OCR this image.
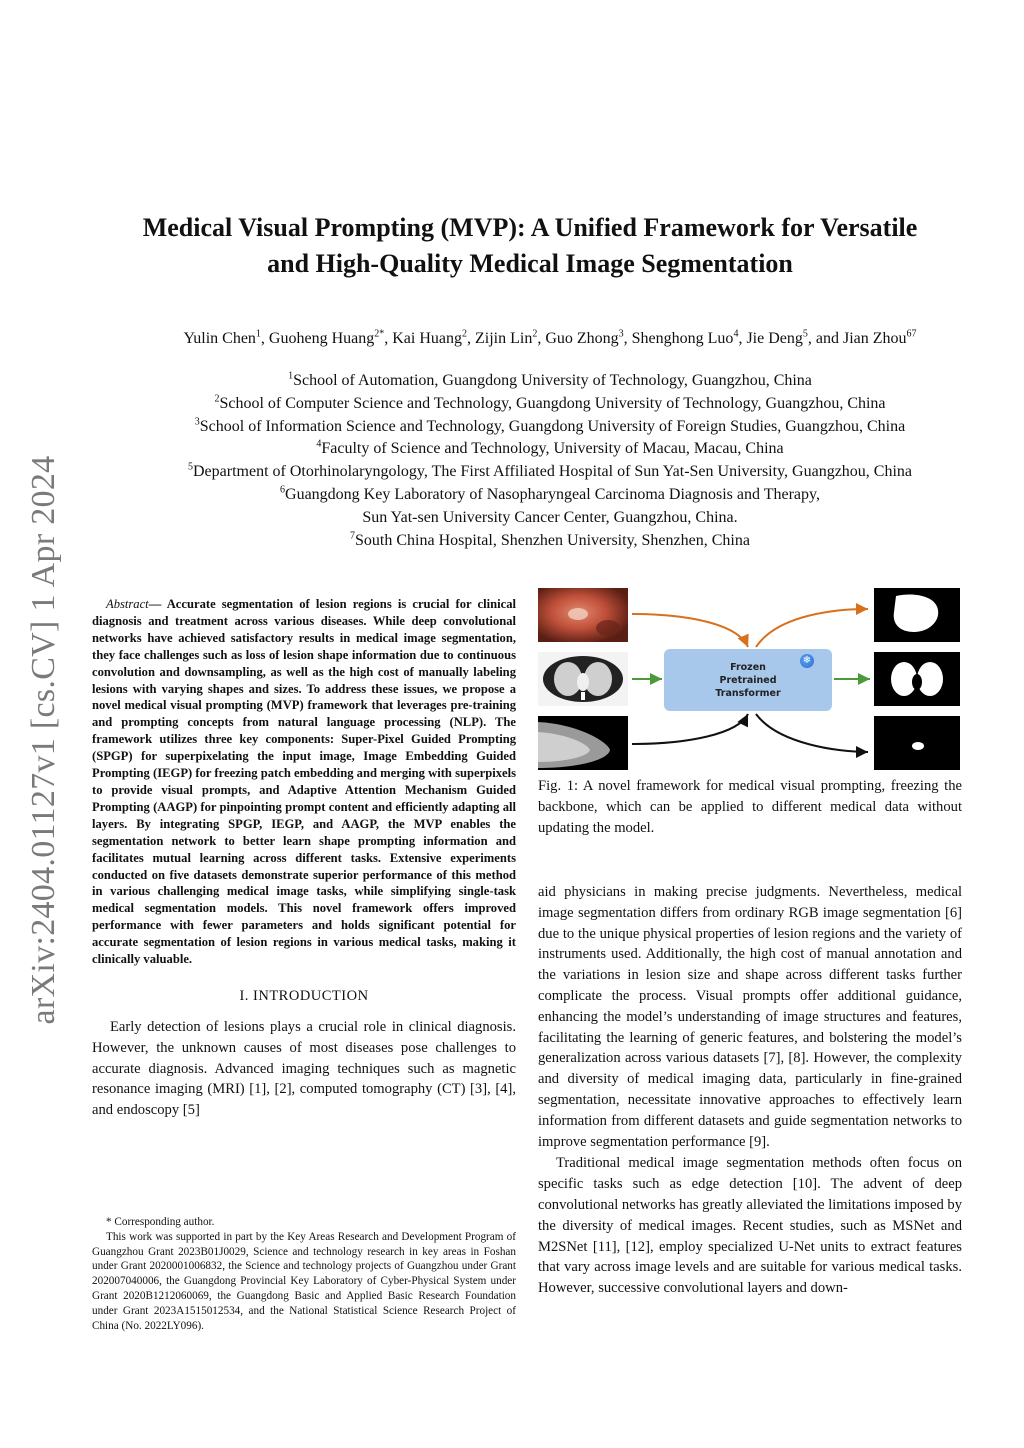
arXiv:2404.01127v1 [cs.CV] 1 Apr 2024
Medical Visual Prompting (MVP): A Unified Framework for Versatile
and High-Quality Medical Image Segmentation
Yulin Chen$^1$, Guoheng Huang$^{2*}$, Kai Huang$^2$, Zijin Lin$^2$, Guo Zhong$^3$, Shenghong Luo$^4$, Jie Deng$^5$, and Jian Zhou$^{67}$
$^1$School of Automation, Guangdong University of Technology, Guangzhou, China
$^2$School of Computer Science and Technology, Guangdong University of Technology, Guangzhou, China
$^3$School of Information Science and Technology, Guangdong University of Foreign Studies, Guangzhou, China
$^4$Faculty of Science and Technology, University of Macau, Macau, China
$^5$Department of Otorhinolaryngology, The First Affiliated Hospital of Sun Yat-Sen University, Guangzhou, China
$^6$Guangdong Key Laboratory of Nasopharyngeal Carcinoma Diagnosis and Therapy,
Sun Yat-sen University Cancer Center, Guangzhou, China.
$^7$South China Hospital, Shenzhen University, Shenzhen, China

Abstract— Accurate segmentation of lesion regions is crucial for clinical diagnosis and treatment across various diseases. While deep convolutional networks have achieved satisfactory results in medical image segmentation, they face challenges such as loss of lesion shape information due to continuous convolution and downsampling, as well as the high cost of manually labeling lesions with varying shapes and sizes. To address these issues, we propose a novel medical visual prompting (MVP) framework that leverages pre-training and prompting concepts from natural language processing (NLP). The framework utilizes three key components: Super-Pixel Guided Prompting (SPGP) for superpixelating the input image, Image Embedding Guided Prompting (IEGP) for freezing patch embedding and merging with superpixels to provide visual prompts, and Adaptive Attention Mechanism Guided Prompting (AAGP) for pinpointing prompt content and efficiently adapting all layers. By integrating SPGP, IEGP, and AAGP, the MVP enables the segmentation network to better learn shape prompting information and facilitates mutual learning across different tasks. Extensive experiments conducted on five datasets demonstrate superior performance of this method in various challenging medical image tasks, while simplifying single-task medical segmentation models. This novel framework offers improved performance with fewer parameters and holds significant potential for accurate segmentation of lesion regions in various medical tasks, making it clinically valuable.

I. INTRODUCTION

Early detection of lesions plays a crucial role in clinical diagnosis. However, the unknown causes of most diseases pose challenges to accurate diagnosis. Advanced imaging techniques such as magnetic resonance imaging (MRI) [1], [2], computed tomography (CT) [3], [4], and endoscopy [5]

* Corresponding author.

This work was supported in part by the Key Areas Research and Development Program of Guangzhou Grant 2023B01J0029, Science and technology research in key areas in Foshan under Grant 2020001006832, the Science and technology projects of Guangzhou under Grant 202007040006, the Guangdong Provincial Key Laboratory of Cyber-Physical System under Grant 2020B1212060069, the Guangdong Basic and Applied Basic Research Foundation under Grant 2023A1515012534, and the National Statistical Science Research Project of China (No. 2022LY096).

Frozen
Pretrained
Transformer
❄

Fig. 1: A novel framework for medical visual prompting, freezing the backbone, which can be applied to different medical data without updating the model.

aid physicians in making precise judgments. Nevertheless, medical image segmentation differs from ordinary RGB image segmentation [6] due to the unique physical properties of lesion regions and the variety of instruments used. Additionally, the high cost of manual annotation and the variations in lesion size and shape across different tasks further complicate the process. Visual prompts offer additional guidance, enhancing the model’s understanding of image structures and features, facilitating the learning of generic features, and bolstering the model’s generalization across various datasets [7], [8]. However, the complexity and diversity of medical imaging data, particularly in fine-grained segmentation, necessitate innovative approaches to effectively learn information from different datasets and guide segmentation networks to improve segmentation performance [9].

Traditional medical image segmentation methods often focus on specific tasks such as edge detection [10]. The advent of deep convolutional networks has greatly alleviated the limitations imposed by the diversity of medical images. Recent studies, such as MSNet and M2SNet [11], [12], employ specialized U-Net units to extract features that vary across image levels and are suitable for various medical tasks. However, successive convolutional layers and down-
